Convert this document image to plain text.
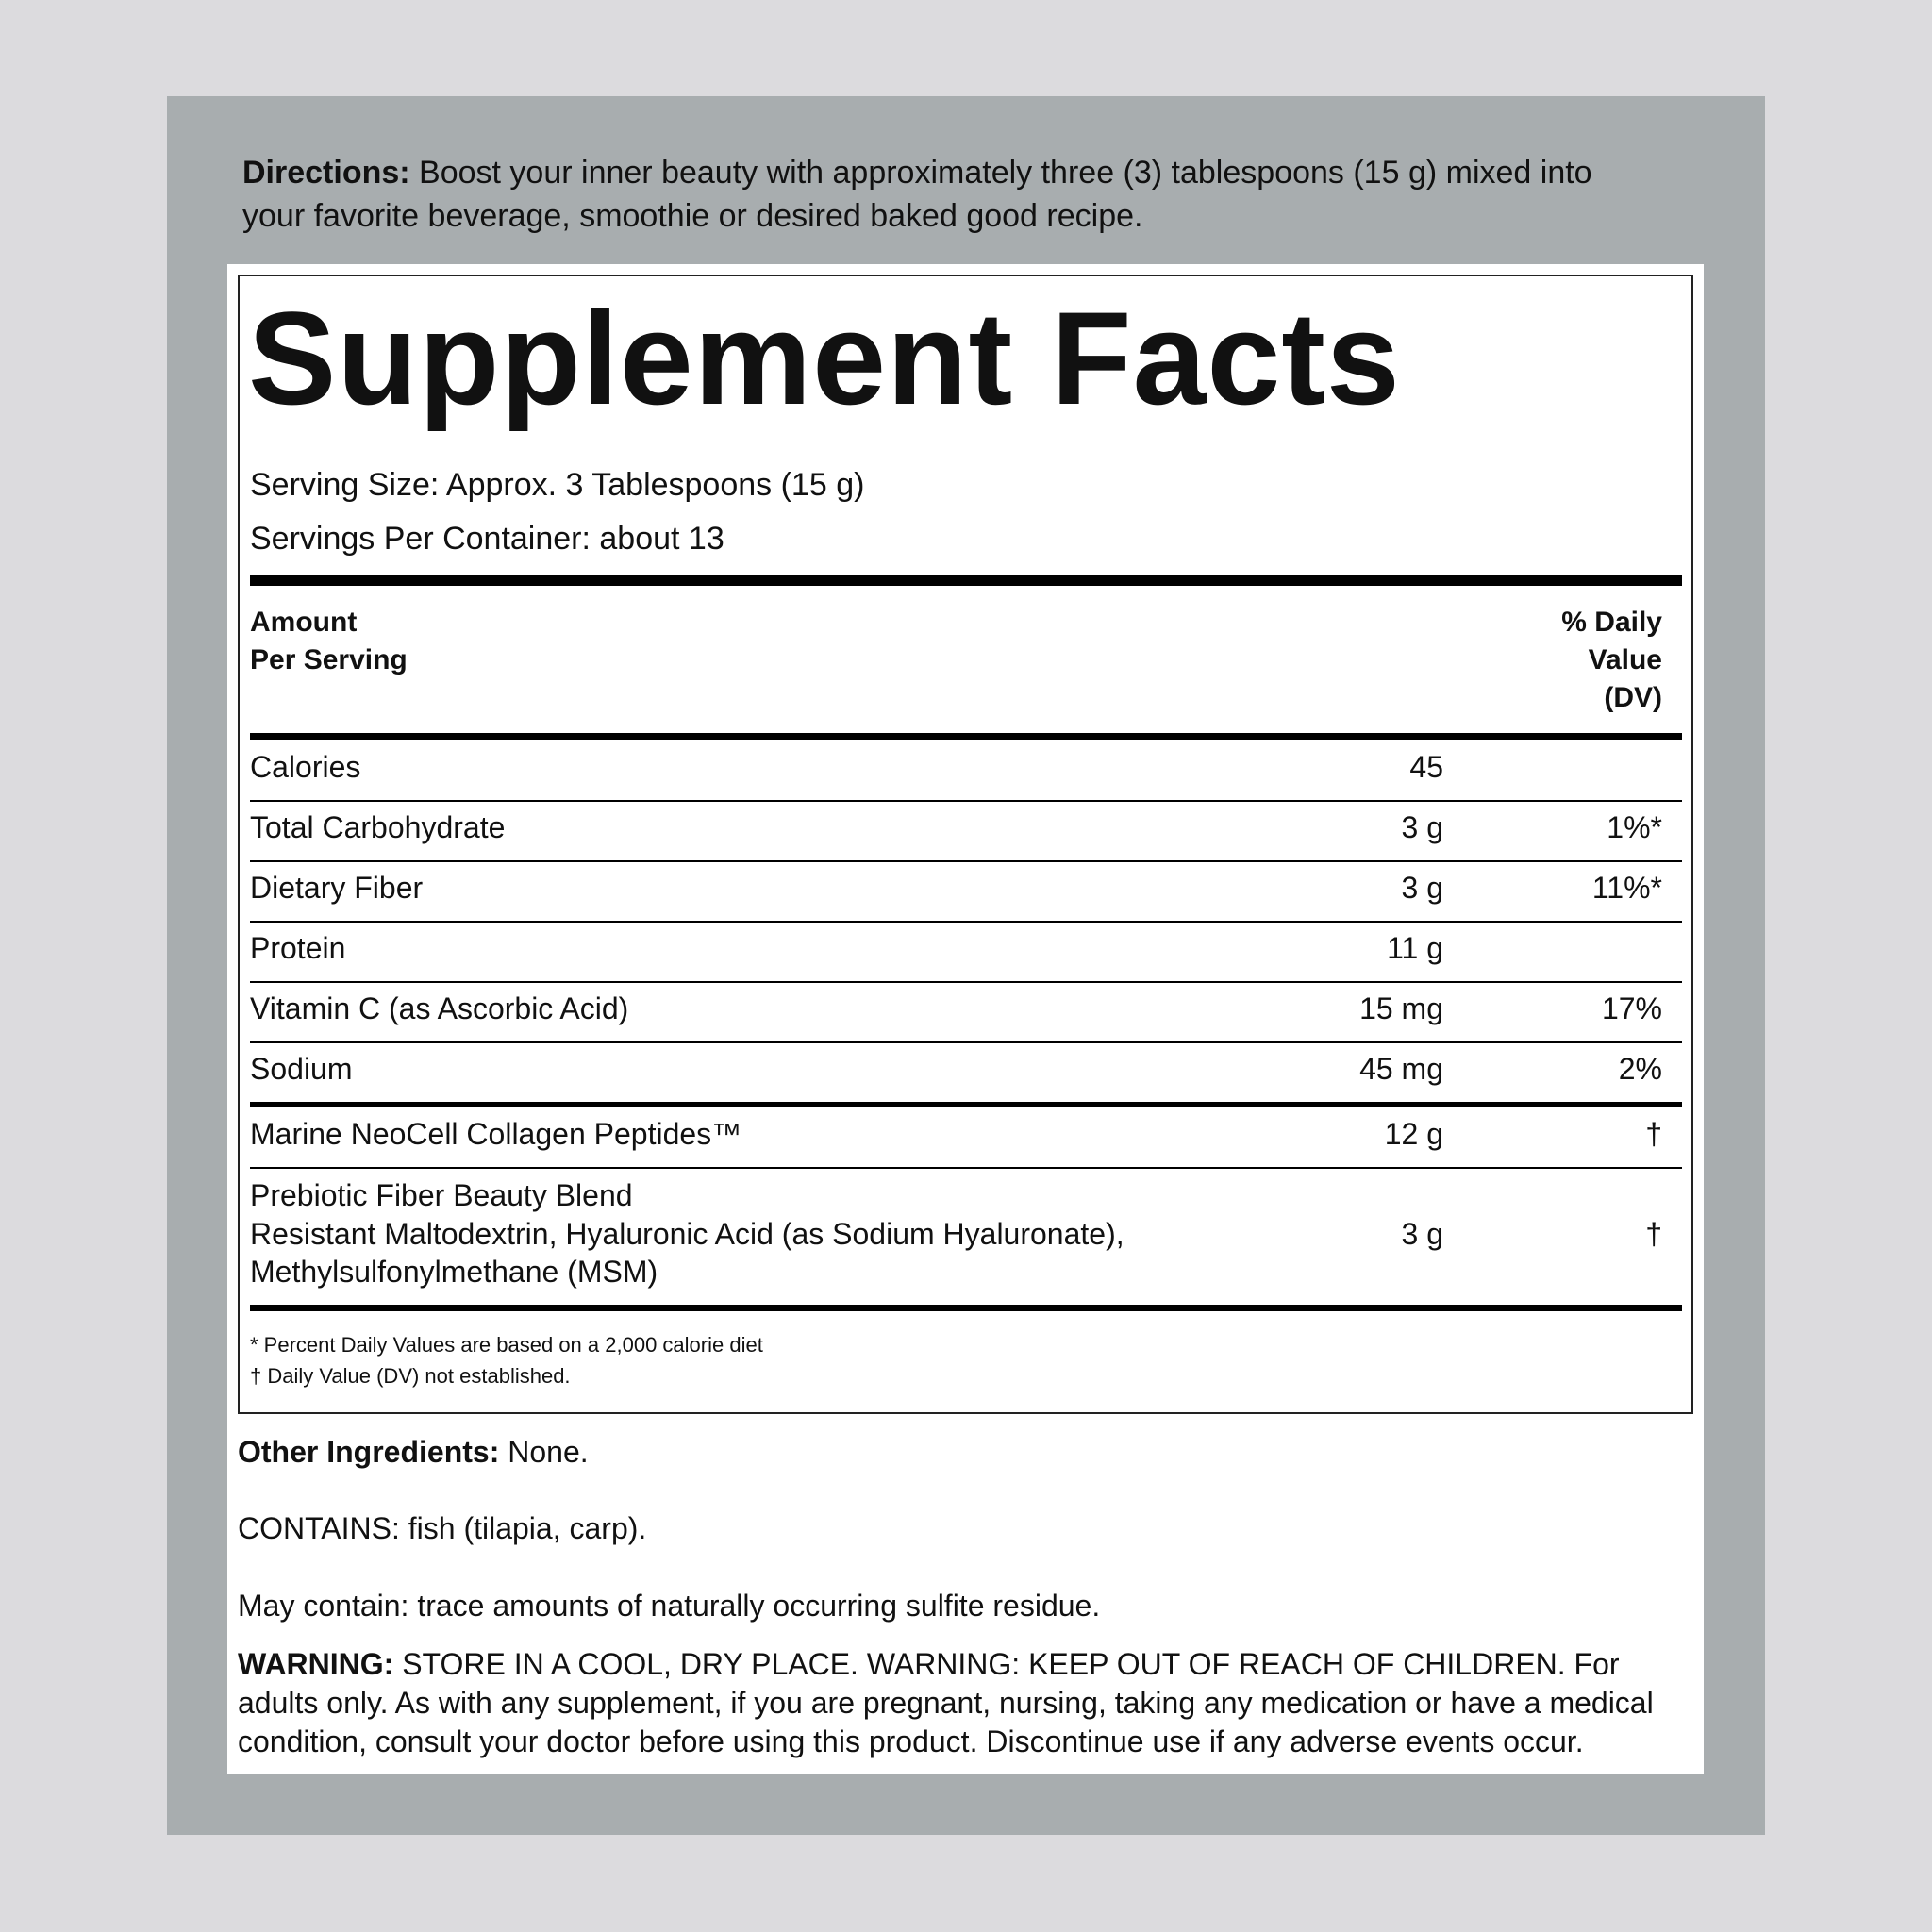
Directions: Boost your inner beauty with approximately three (3) tablespoons (15 g) mixed into your favorite beverage, smoothie or desired baked good recipe.
Supplement Facts
Serving Size: Approx. 3 Tablespoons (15 g)
Servings Per Container: about 13
Amount
Per Serving
% Daily
Value
(DV)
Calories	45
Total Carbohydrate	3 g	1%*
Dietary Fiber	3 g	11%*
Protein	11 g
Vitamin C (as Ascorbic Acid)	15 mg	17%
Sodium	45 mg	2%
Marine NeoCell Collagen Peptides™	12 g	†
Prebiotic Fiber Beauty Blend
Resistant Maltodextrin, Hyaluronic Acid (as Sodium Hyaluronate),
Methylsulfonylmethane (MSM)
3 g	†
* Percent Daily Values are based on a 2,000 calorie diet
† Daily Value (DV) not established.
Other Ingredients: None.
CONTAINS: fish (tilapia, carp).
May contain: trace amounts of naturally occurring sulfite residue.
WARNING: STORE IN A COOL, DRY PLACE. WARNING: KEEP OUT OF REACH OF CHILDREN. For adults only. As with any supplement, if you are pregnant, nursing, taking any medication or have a medical condition, consult your doctor before using this product. Discontinue use if any adverse events occur.
